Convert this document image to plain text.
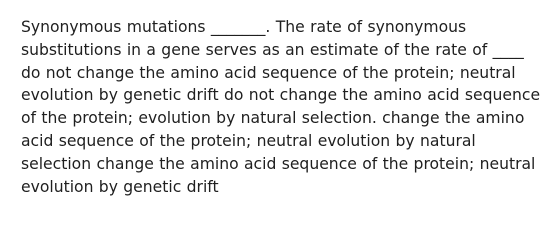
Synonymous mutations _______. The rate of synonymous substitutions in a gene serves as an estimate of the rate of ____ do not change the amino acid sequence of the protein; neutral evolution by genetic drift do not change the amino acid sequence of the protein; evolution by natural selection. change the amino acid sequence of the protein; neutral evolution by natural selection change the amino acid sequence of the protein; neutral evolution by genetic drift
